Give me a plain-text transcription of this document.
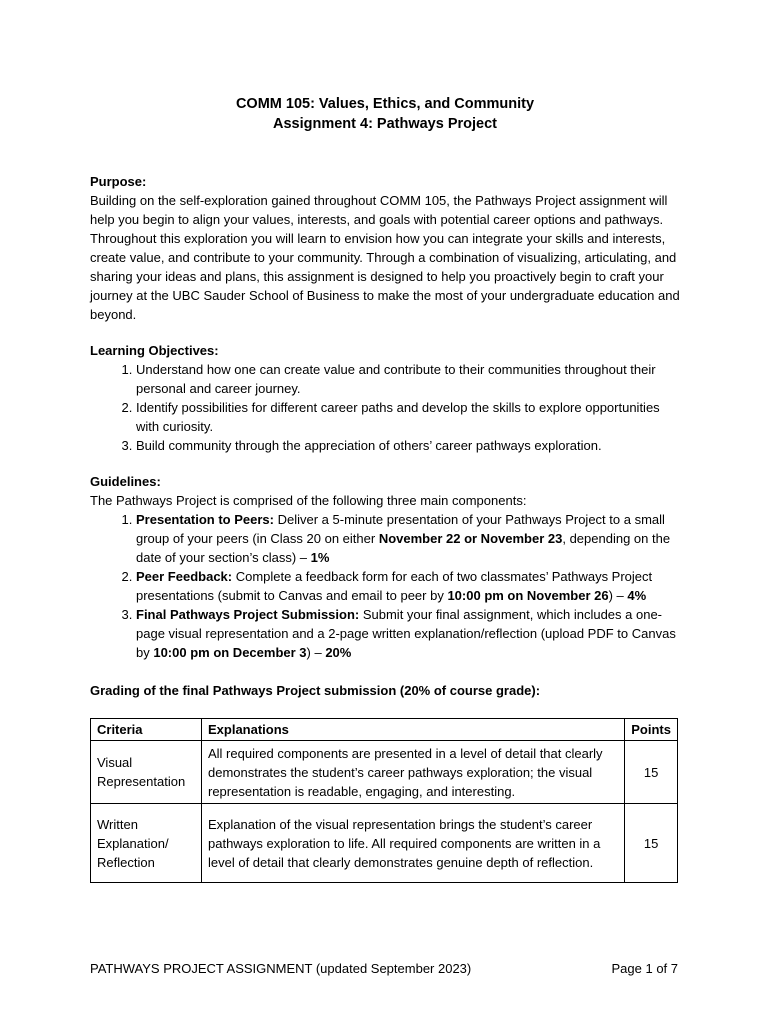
COMM 105: Values, Ethics, and Community
Assignment 4: Pathways Project
Purpose:

Building on the self-exploration gained throughout COMM 105, the Pathways Project assignment will help you begin to align your values, interests, and goals with potential career options and pathways. Throughout this exploration you will learn to envision how you can integrate your skills and interests, create value, and contribute to your community. Through a combination of visualizing, articulating, and sharing your ideas and plans, this assignment is designed to help you proactively begin to craft your journey at the UBC Sauder School of Business to make the most of your undergraduate education and beyond.

Learning Objectives:
1. Understand how one can create value and contribute to their communities throughout their personal and career journey.
2. Identify possibilities for different career paths and develop the skills to explore opportunities with curiosity.
3. Build community through the appreciation of others’ career pathways exploration.
Guidelines:
The Pathways Project is comprised of the following three main components:
1. Presentation to Peers: Deliver a 5-minute presentation of your Pathways Project to a small group of your peers (in Class 20 on either November 22 or November 23, depending on the date of your section’s class) – 1%
2. Peer Feedback: Complete a feedback form for each of two classmates’ Pathways Project presentations (submit to Canvas and email to peer by 10:00 pm on November 26) – 4%
3. Final Pathways Project Submission: Submit your final assignment, which includes a one-page visual representation and a 2-page written explanation/reflection (upload PDF to Canvas by 10:00 pm on December 3) – 20%
Grading of the final Pathways Project submission (20% of course grade):
Criteria	Explanations	Points
Visual Representation	All required components are presented in a level of detail that clearly demonstrates the student’s career pathways exploration; the visual representation is readable, engaging, and interesting.	15
Written Explanation/ Reflection	Explanation of the visual representation brings the student’s career pathways exploration to life. All required components are written in a level of detail that clearly demonstrates genuine depth of reflection.	15
PATHWAYS PROJECT ASSIGNMENT (updated September 2023)	Page 1 of 7
